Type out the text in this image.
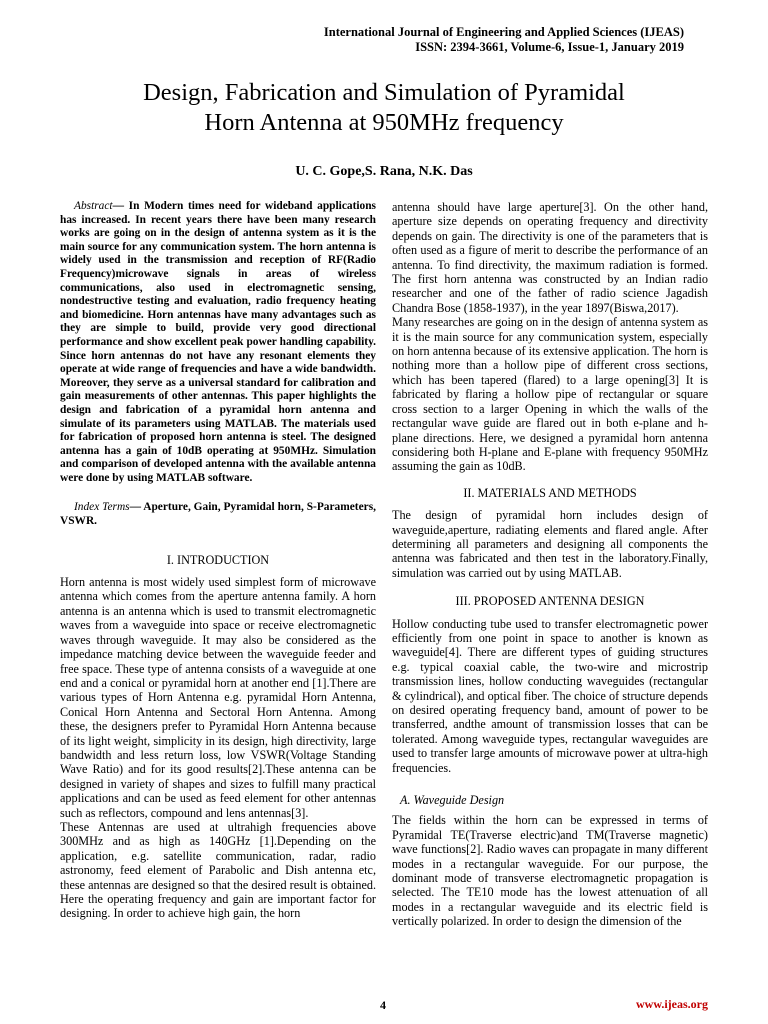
International Journal of Engineering and Applied Sciences (IJEAS)
ISSN: 2394-3661, Volume-6, Issue-1, January 2019
Design, Fabrication and Simulation of Pyramidal
Horn Antenna at 950MHz frequency
U. C. Gope,S. Rana, N.K. Das

Abstract— In Modern times need for wideband applications has increased. In recent years there have been many research works are going on in the design of antenna system as it is the main source for any communication system. The horn antenna is widely used in the transmission and reception of RF(Radio Frequency)microwave signals in areas of wireless communications, also used in electromagnetic sensing, nondestructive testing and evaluation, radio frequency heating and biomedicine. Horn antennas have many advantages such as they are simple to build, provide very good directional performance and show excellent peak power handling capability. Since horn antennas do not have any resonant elements they operate at wide range of frequencies and have a wide bandwidth. Moreover, they serve as a universal standard for calibration and gain measurements of other antennas. This paper highlights the design and fabrication of a pyramidal horn antenna and simulate of its parameters using MATLAB. The materials used for fabrication of proposed horn antenna is steel. The designed antenna has a gain of 10dB operating at 950MHz. Simulation and comparison of developed antenna with the available antenna were done by using MATLAB software.

Index Terms— Aperture, Gain, Pyramidal horn, S-Parameters, VSWR.

I. INTRODUCTION

Horn antenna is most widely used simplest form of microwave antenna which comes from the aperture antenna family. A horn antenna is an antenna which is used to transmit electromagnetic waves from a waveguide into space or receive electromagnetic waves through waveguide. It may also be considered as the impedance matching device between the waveguide feeder and free space. These type of antenna consists of a waveguide at one end and a conical or pyramidal horn at another end [1].There are various types of Horn Antenna e.g. pyramidal Horn Antenna, Conical Horn Antenna and Sectoral Horn Antenna. Among these, the designers prefer to Pyramidal Horn Antenna because of its light weight, simplicity in its design, high directivity, large bandwidth and less return loss, low VSWR(Voltage Standing Wave Ratio) and for its good results[2].These antenna can be designed in variety of shapes and sizes to fulfill many practical applications and can be used as feed element for other antennas such as reflectors, compound and lens antennas[3].

These Antennas are used at ultrahigh frequencies above 300MHz and as high as 140GHz [1].Depending on the application, e.g. satellite communication, radar, radio astronomy, feed element of Parabolic and Dish antenna etc, these antennas are designed so that the desired result is obtained. Here the operating frequency and gain are important factor for designing. In order to achieve high gain, the horn

antenna should have large aperture[3]. On the other hand, aperture size depends on operating frequency and directivity depends on gain. The directivity is one of the parameters that is often used as a figure of merit to describe the performance of an antenna. To find directivity, the maximum radiation is formed. The first horn antenna was constructed by an Indian radio researcher and one of the father of radio science Jagadish Chandra Bose (1858-1937), in the year 1897(Biswa,2017).

Many researches are going on in the design of antenna system as it is the main source for any communication system, especially on horn antenna because of its extensive application. The horn is nothing more than a hollow pipe of different cross sections, which has been tapered (flared) to a large opening[3] It is fabricated by flaring a hollow pipe of rectangular or square cross section to a larger Opening in which the walls of the rectangular wave guide are flared out in both e-plane and h-plane directions. Here, we designed a pyramidal horn antenna considering both H-plane and E-plane with frequency 950MHz assuming the gain as 10dB.

II. MATERIALS AND METHODS

The design of pyramidal horn includes design of waveguide,aperture, radiating elements and flared angle. After determining all parameters and designing all components the antenna was fabricated and then test in the laboratory.Finally, simulation was carried out by using MATLAB.

III. PROPOSED ANTENNA DESIGN

Hollow conducting tube used to transfer electromagnetic power efficiently from one point in space to another is known as waveguide[4]. There are different types of guiding structures e.g. typical coaxial cable, the two-wire and microstrip transmission lines, hollow conducting waveguides (rectangular & cylindrical), and optical fiber. The choice of structure depends on desired operating frequency band, amount of power to be transferred, andthe amount of transmission losses that can be tolerated. Among waveguide types, rectangular waveguides are used to transfer large amounts of microwave power at ultra-high frequencies.

A. Waveguide Design

The fields within the horn can be expressed in terms of Pyramidal TE(Traverse electric)and TM(Traverse magnetic) wave functions[2]. Radio waves can propagate in many different modes in a rectangular waveguide. For our purpose, the dominant mode of transverse electromagnetic propagation is selected. The TE10 mode has the lowest attenuation of all modes in a rectangular waveguide and its electric field is vertically polarized. In order to design the dimension of the

4	www.ijeas.org
